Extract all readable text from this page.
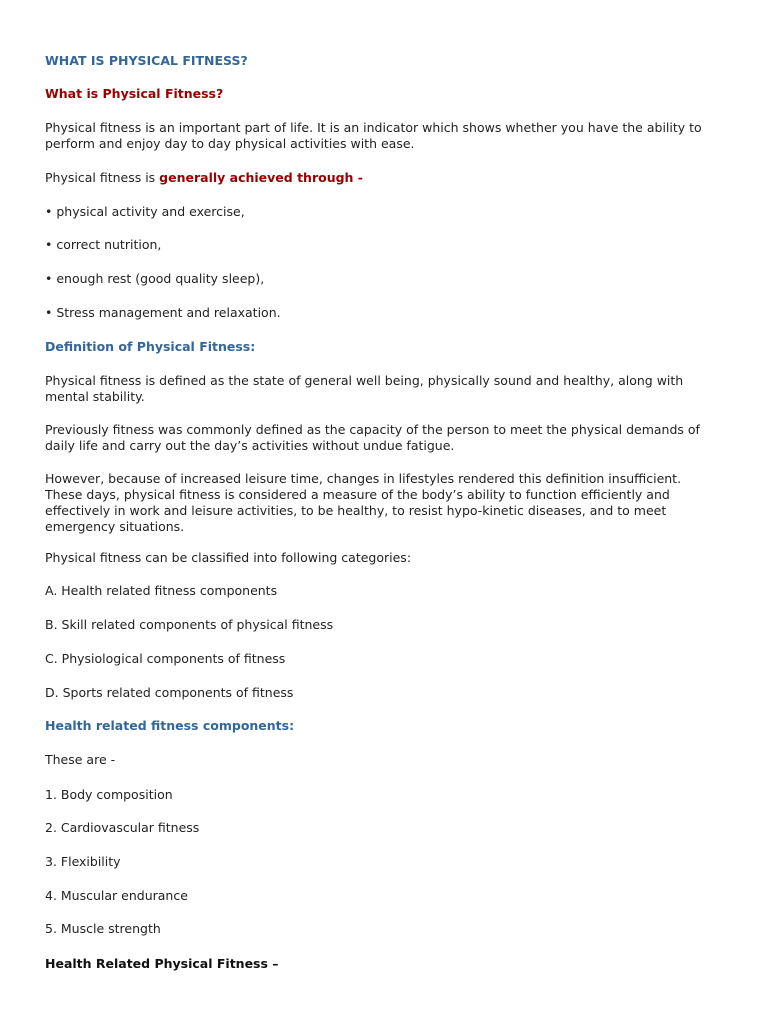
WHAT IS PHYSICAL FITNESS?

What is Physical Fitness?

Physical fitness is an important part of life. It is an indicator which shows whether you have the ability to perform and enjoy day to day physical activities with ease.

Physical fitness is generally achieved through -

• physical activity and exercise,

• correct nutrition,

• enough rest (good quality sleep),

• Stress management and relaxation.

Definition of Physical Fitness:

Physical fitness is defined as the state of general well being, physically sound and healthy, along with mental stability.

Previously fitness was commonly defined as the capacity of the person to meet the physical demands of daily life and carry out the day’s activities without undue fatigue.

However, because of increased leisure time, changes in lifestyles rendered this definition insufficient. These days, physical fitness is considered a measure of the body’s ability to function efficiently and effectively in work and leisure activities, to be healthy, to resist hypo-kinetic diseases, and to meet emergency situations.

Physical fitness can be classified into following categories:

A. Health related fitness components

B. Skill related components of physical fitness

C. Physiological components of fitness

D. Sports related components of fitness

Health related fitness components:

These are -

1. Body composition

2. Cardiovascular fitness

3. Flexibility

4. Muscular endurance

5. Muscle strength

Health Related Physical Fitness –
